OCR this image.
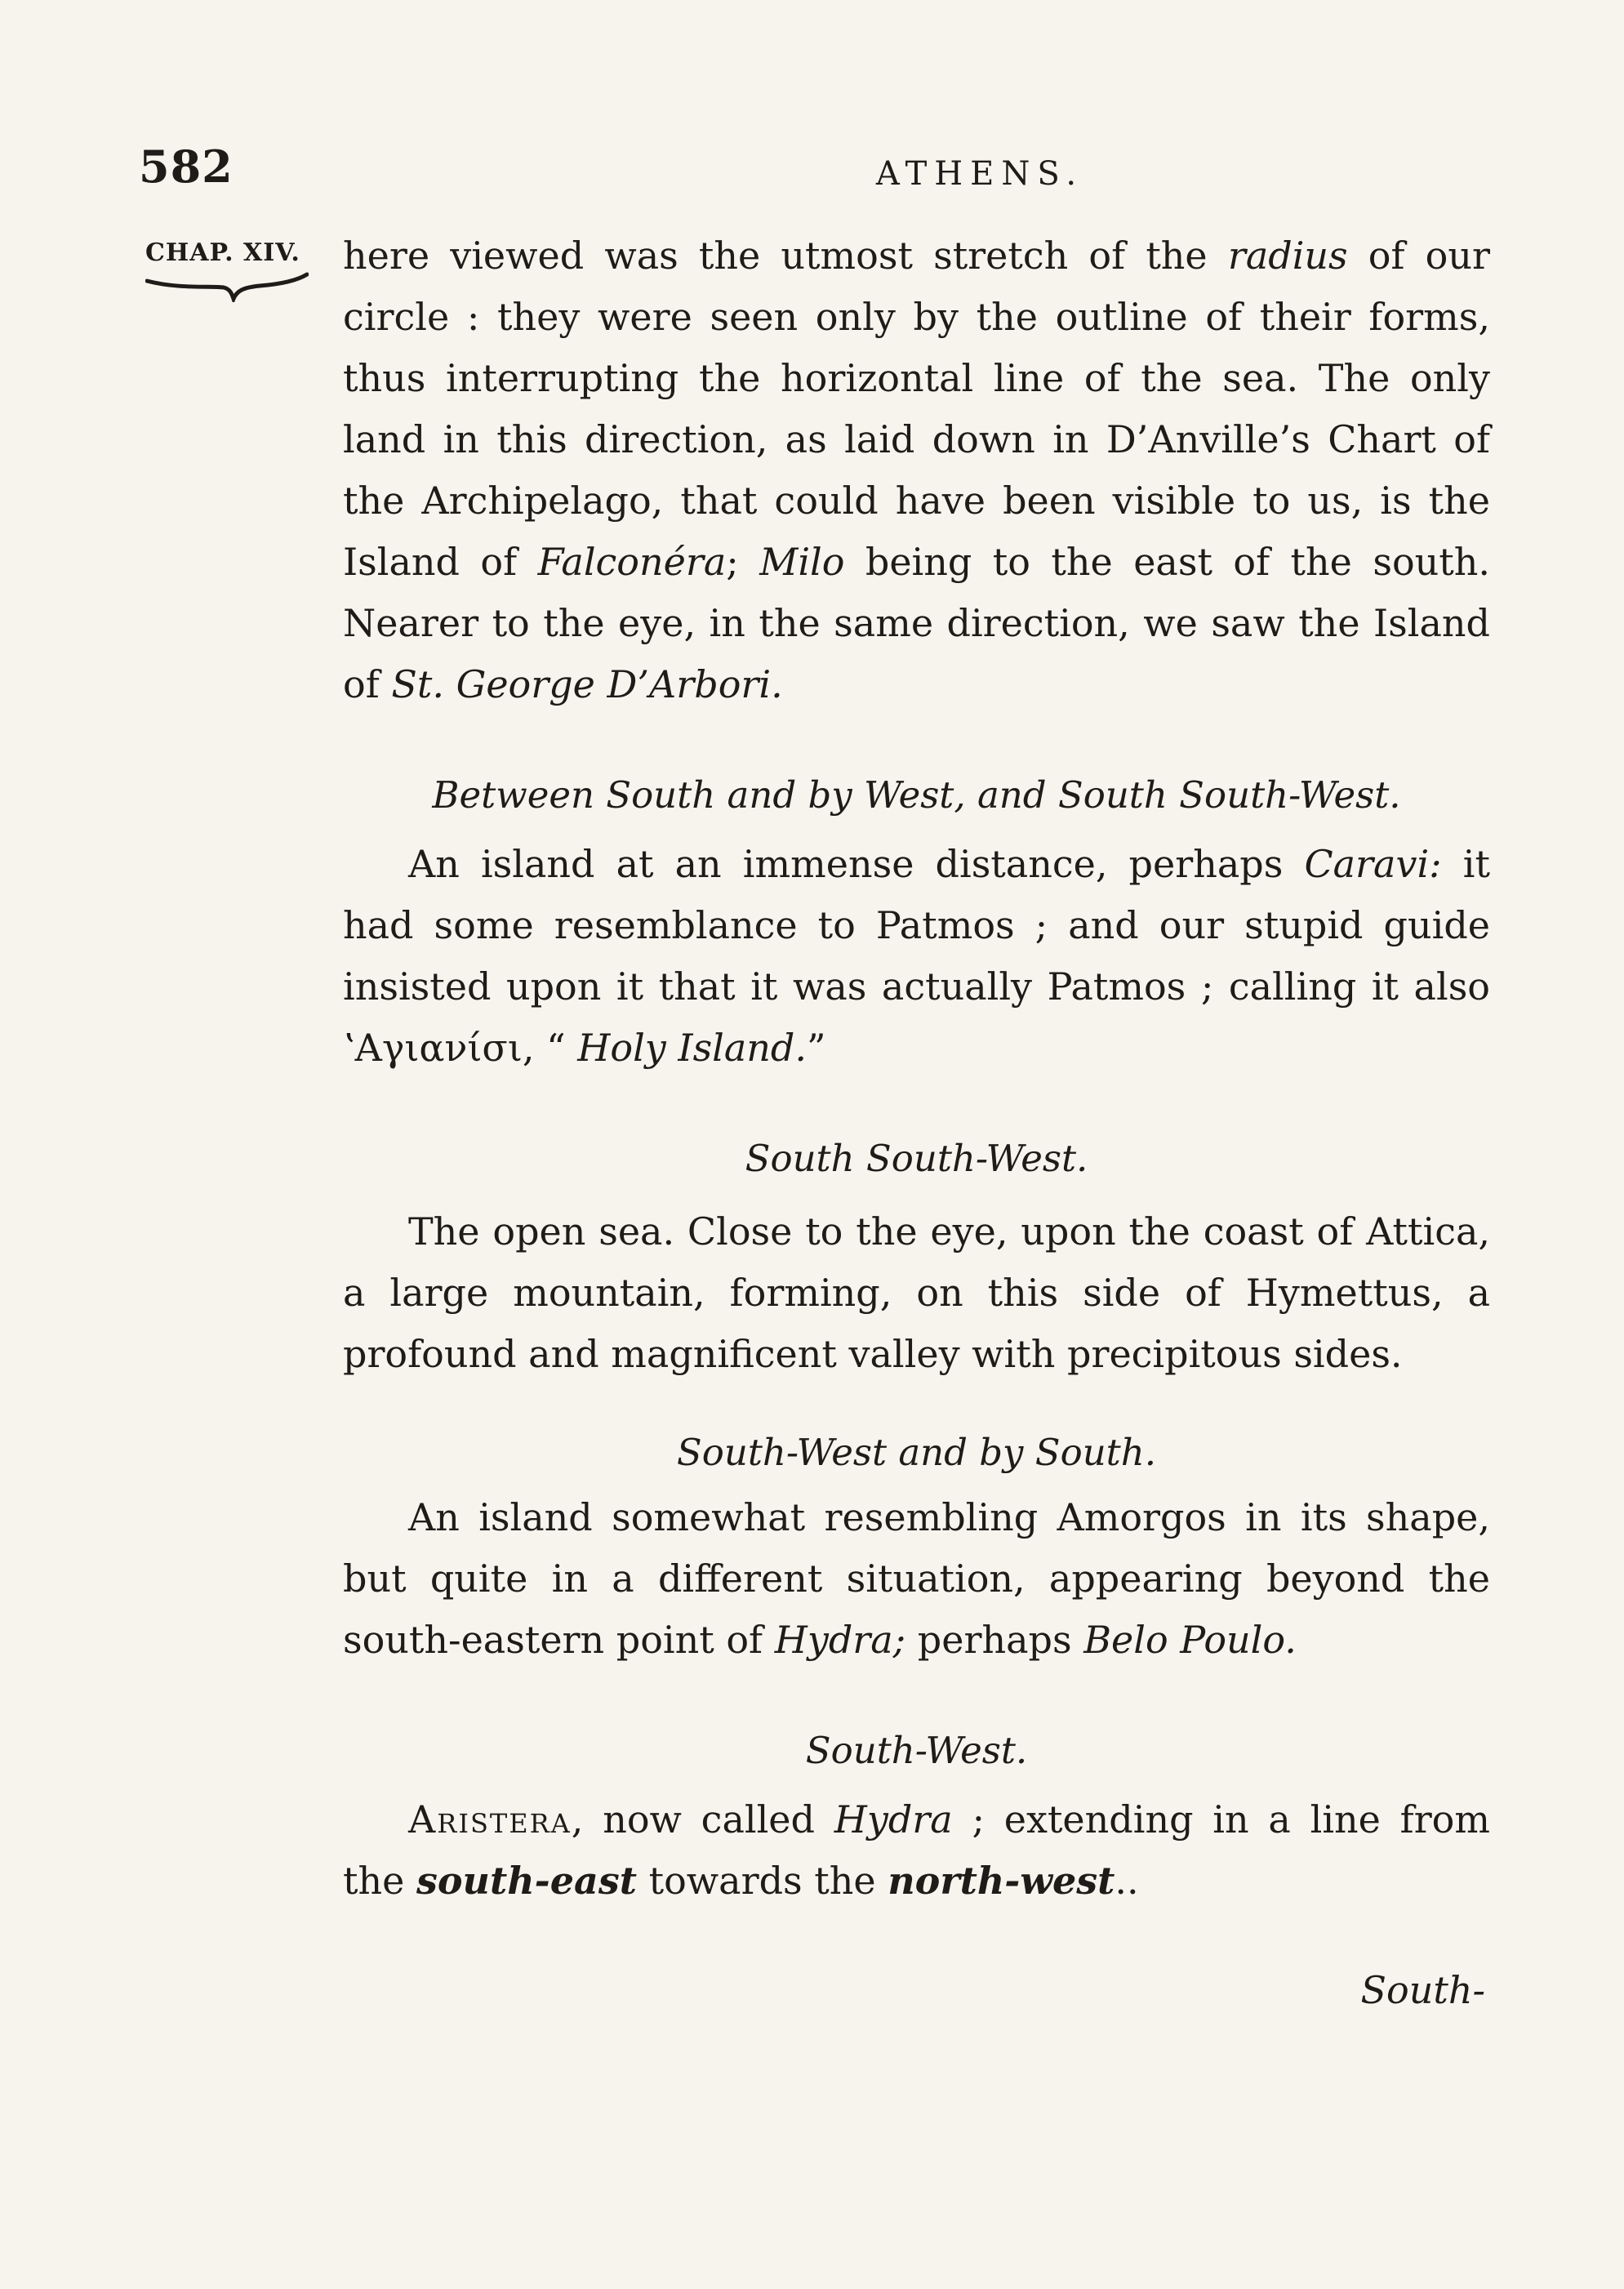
582	ATHENS.
CHAP. XIV. here viewed was the utmost stretch of the radius of our circle : they were seen only by the outline of their forms, thus interrupting the horizontal line of the sea. The only land in this direction, as laid down in D’Anville’s Chart of the Archipelago, that could have been visible to us, is the Island of Falconéra; Milo being to the east of the south. Nearer to the eye, in the same direction, we saw the Island of St. George D’Arbori.

Between South and by West, and South South-West.

An island at an immense distance, perhaps Caravi: it had some resemblance to Patmos ; and our stupid guide insisted upon it that it was actually Patmos ; calling it also ʽΑγιανίσι, “ Holy Island.”

South South-West.

The open sea. Close to the eye, upon the coast of Attica, a large mountain, forming, on this side of Hymettus, a profound and magnificent valley with precipitous sides.

South-West and by South.

An island somewhat resembling Amorgos in its shape, but quite in a different situation, appearing beyond the south-eastern point of Hydra; perhaps Belo Poulo.

South-West.

Aristera, now called Hydra ; extending in a line from the south-east towards the north-west..

South-
